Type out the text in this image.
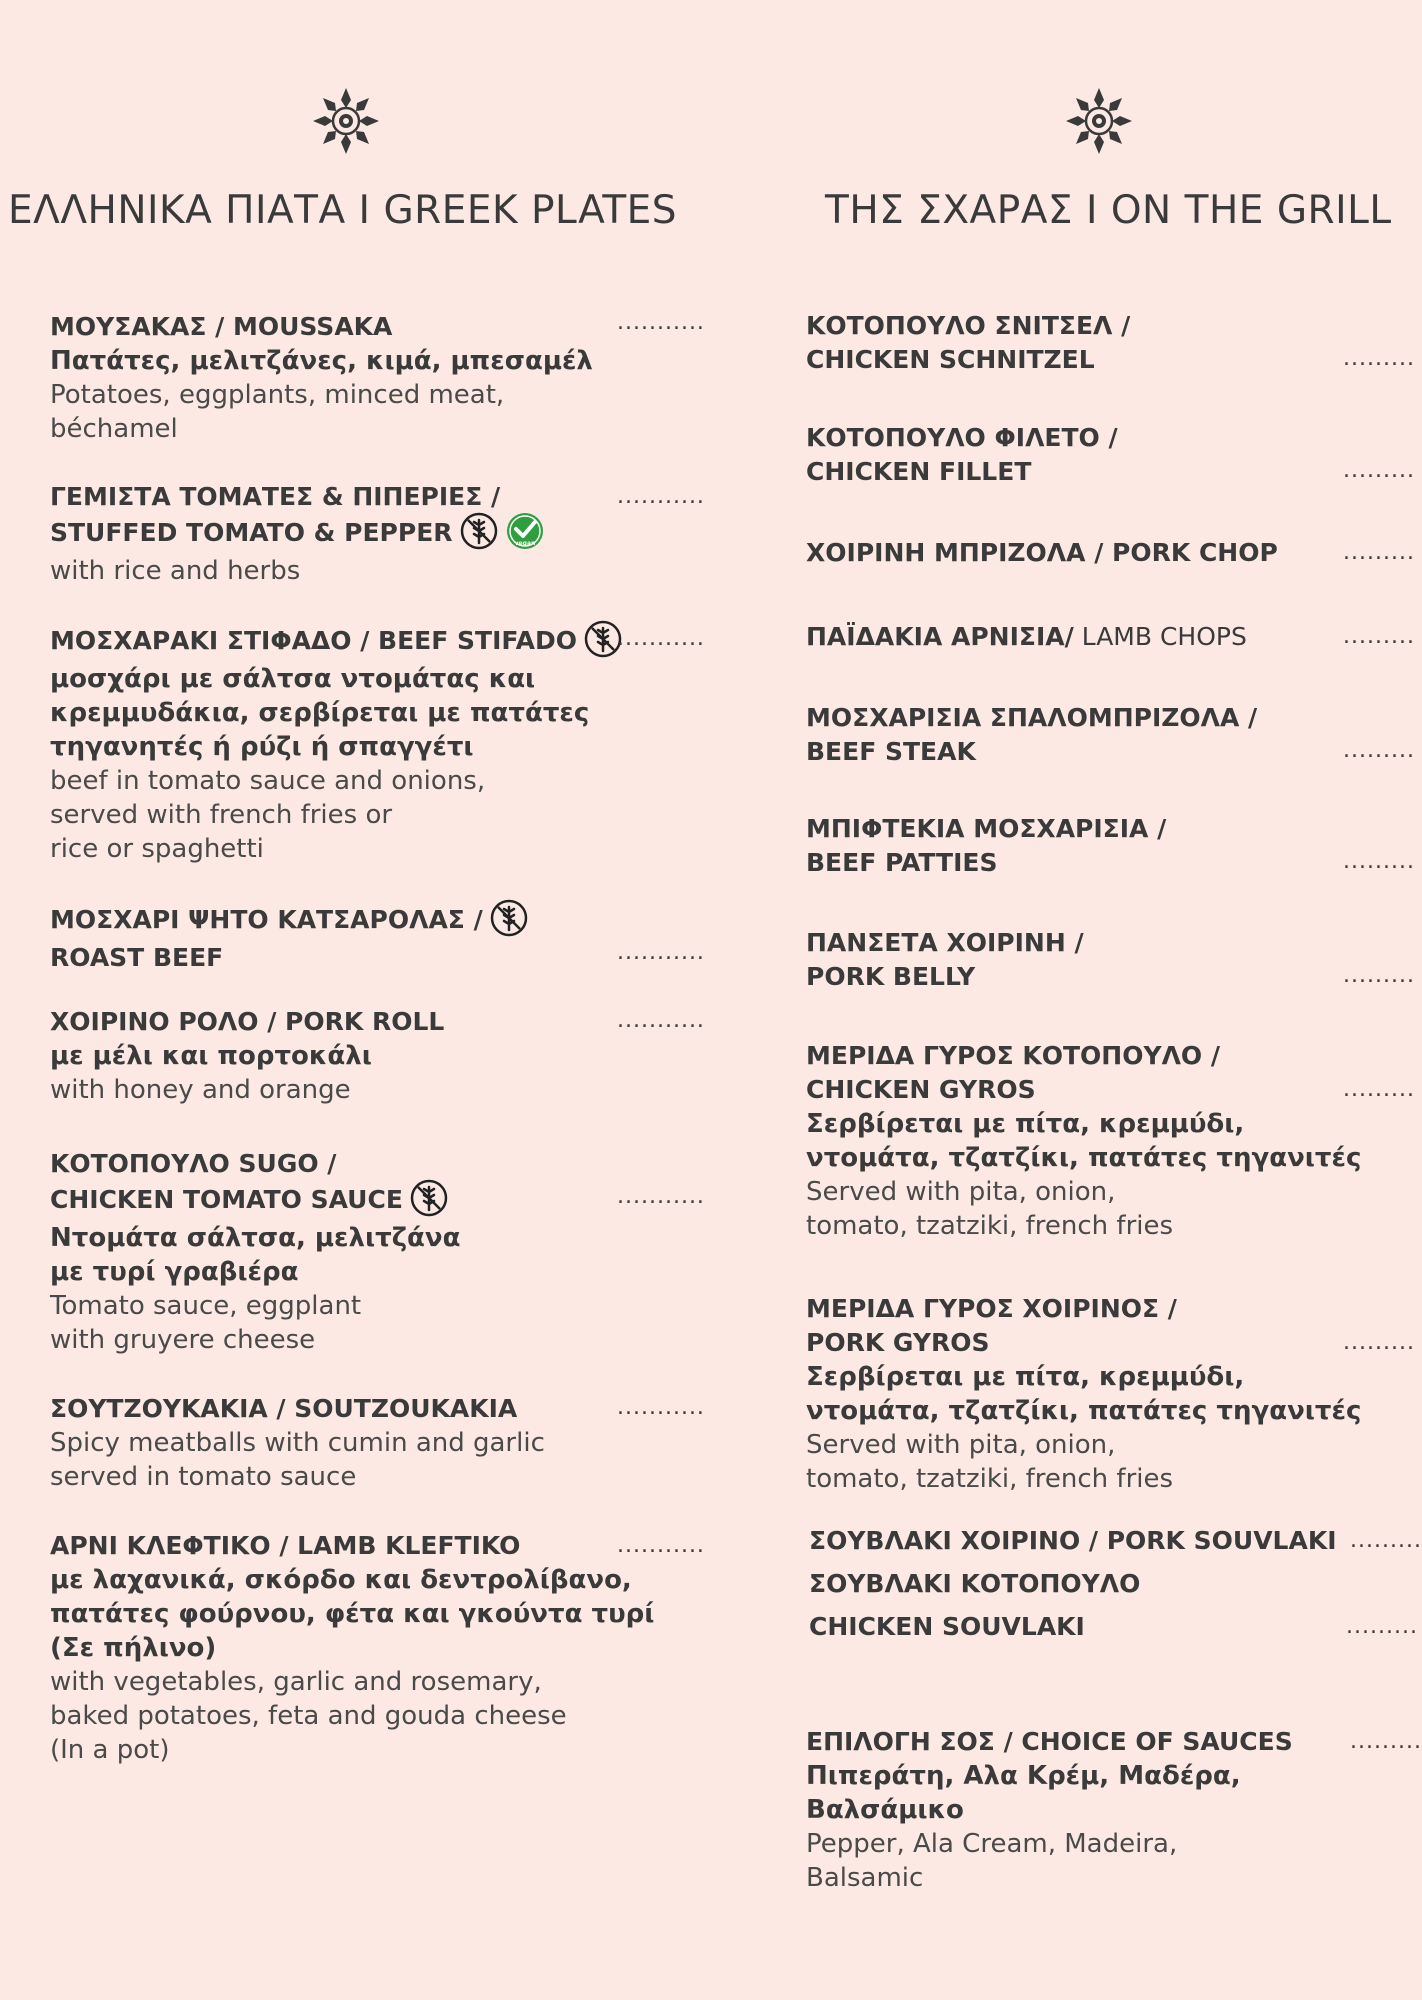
ΕΛΛΗΝΙΚΑ ΠΙΑΤΑ Ι GREEK PLATES	ΤΗΣ ΣΧΑΡΑΣ Ι ON THE GRILL
ΜΟΥΣΑΚΑΣ / MOUSSAKA
Πατάτες, μελιτζάνες, κιμά, μπεσαμέλ
Potatoes, eggplants, minced meat,
béchamel
...........
ΓΕΜΙΣΤΑ ΤΟΜΑΤΕΣ & ΠΙΠΕΡΙΕΣ /
STUFFED TOMATO & PEPPER	vegan
with rice and herbs
...........
ΜΟΣΧΑΡΑΚΙ ΣΤΙΦΑΔΟ / BEEF STIFADO
μοσχάρι με σάλτσα ντομάτας και
κρεμμυδάκια, σερβίρεται με πατάτες
τηγανητές ή ρύζι ή σπαγγέτι
beef in tomato sauce and onions,
served with french fries or
rice or spaghetti
...........
ΜΟΣΧΑΡΙ ΨΗΤΟ ΚΑΤΣΑΡΟΛΑΣ /
ROAST BEEF	...........
ΧΟΙΡΙΝΟ ΡΟΛΟ / PORK ROLL
με μέλι και πορτοκάλι
with honey and orange
...........
ΚΟΤΟΠΟΥΛΟ SUGO /
CHICKEN TOMATO SAUCE
Ντομάτα σάλτσα, μελιτζάνα
με τυρί γραβιέρα
Tomato sauce, eggplant
with gruyere cheese
...........
ΣΟΥΤΖΟΥΚΑΚΙΑ / SOUTZOUKAKIA
Spicy meatballs with cumin and garlic
served in tomato sauce
...........
ΑΡΝΙ ΚΛΕΦΤΙΚΟ / LAMB KLEFTIKO
με λαχανικά, σκόρδο και δεντρολίβανο,
πατάτες φούρνου, φέτα και γκούντα τυρί
(Σε πήλινο)
with vegetables, garlic and rosemary,
baked potatoes, feta and gouda cheese
(In a pot)
...........
ΚΟΤΟΠΟΥΛΟ ΣΝΙΤΣΕΛ /
CHICKEN SCHNITZEL	.........
ΚΟΤΟΠΟΥΛΟ ΦΙΛΕΤΟ /
CHICKEN FILLET	.........
ΧΟΙΡΙΝΗ ΜΠΡΙΖΟΛΑ / PORK CHOP	.........
ΠΑΪΔΑΚΙΑ ΑΡΝΙΣΙΑ/ LAMB CHOPS	.........
ΜΟΣΧΑΡΙΣΙΑ ΣΠΑΛΟΜΠΡΙΖΟΛΑ /
BEEF STEAK	.........
ΜΠΙΦΤΕΚΙΑ ΜΟΣΧΑΡΙΣΙΑ /
BEEF PATTIES	.........
ΠΑΝΣΕΤΑ ΧΟΙΡΙΝΗ /
PORK BELLY	.........
ΜΕΡΙΔΑ ΓΥΡΟΣ ΚΟΤΟΠΟΥΛΟ /
CHICKEN GYROS
Σερβίρεται με πίτα, κρεμμύδι,
ντομάτα, τζατζίκι, πατάτες τηγανιτές
Served with pita, onion,
tomato, tzatziki, french fries
.........
ΜΕΡΙΔΑ ΓΥΡΟΣ ΧΟΙΡΙΝΟΣ /
PORK GYROS
Σερβίρεται με πίτα, κρεμμύδι,
ντομάτα, τζατζίκι, πατάτες τηγανιτές
Served with pita, onion,
tomato, tzatziki, french fries
.........
ΣΟΥΒΛΑΚΙ ΧΟΙΡΙΝΟ / PORK SOUVLAKI .........
ΣΟΥΒΛΑΚΙ ΚΟΤΟΠΟΥΛΟ
CHICKEN SOUVLAKI	.........
ΕΠΙΛΟΓΗ ΣΟΣ / CHOICE OF SAUCES
Πιπεράτη, Αλα Κρέμ, Μαδέρα,
Βαλσάμικο
Pepper, Ala Cream, Madeira,
Balsamic
.........
